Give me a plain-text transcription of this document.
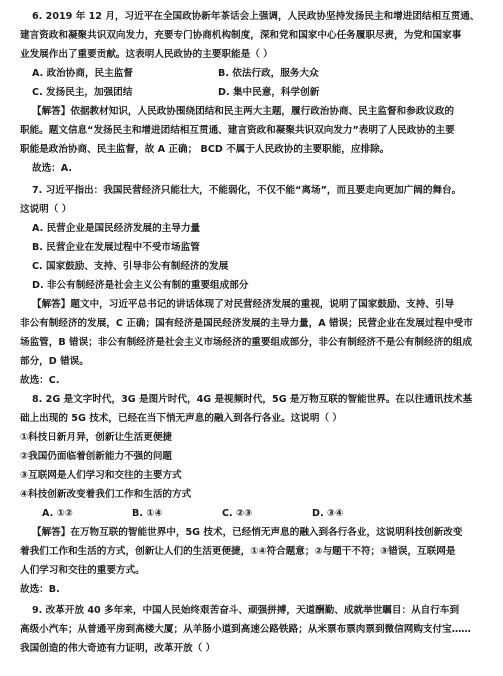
6. 2019 年 12 月，习近平在全国政协新年茶话会上强调，人民政协坚持发扬民主和增进团结相互贯通、
建言资政和凝聚共识双向发力，充要专门协商机构制度，深和党和国家中心任务履职尽责，为党和国家事
业发展作出了重要贡献。这表明人民政协的主要职能是（ ）
A. 政治协商，民主监督	B. 依法行政，服务大众
C. 发扬民主，加强团结	D. 集中民意，科学创新
【解答】依据教材知识，人民政协围绕团结和民主两大主题，履行政治协商、民主监督和参政议政的
职能。题文信息“发扬民主和增进团结相互贯通、建言资政和凝聚共识双向发力”表明了人民政协的主要
职能是政治协商、民主监督，故 A 正确； BCD 不属于人民政协的主要职能，应排除。
故选：A.
7. 习近平指出：我国民营经济只能壮大，不能弱化，不仅不能“离场”，而且要走向更加广阔的舞台。
这说明（ ）
A. 民营企业是国民经济发展的主导力量
B. 民营企业在发展过程中不受市场监管
C. 国家鼓励、支持、引导非公有制经济的发展
D. 非公有制经济是社会主义公有制的重要组成部分
【解答】题文中，习近平总书记的讲话体现了对民营经济发展的重视，说明了国家鼓励、支持、引导
非公有制经济的发展，C 正确；国有经济是国民经济发展的主导力量，A 错误；民营企业在发展过程中受市
场监管，B 错误；非公有制经济是社会主义市场经济的重要组成部分，非公有制经济不是公有制经济的组成
部分，D 错误。
故选：C.
8. 2G 是文字时代，3G 是图片时代，4G 是视频时代，5G 是万物互联的智能世界。在以往通讯技术基
础上出现的 5G 技术，已经在当下悄无声息的融入到各行各业。这说明（ ）
①科技日新月异，创新让生活更便捷
②我国仍面临着创新能力不强的问题
③互联网是人们学习和交往的主要方式
④科技创新改变着我们工作和生活的方式
A. ①②	B. ①④	C. ②③	D. ③④
【解答】在万物互联的智能世界中，5G 技术，已经悄无声息的融入到各行各业，这说明科技创新改变
着我们工作和生活的方式，创新让人们的生活更便捷，①④符合题意；②与题干不符；③错误，互联网是
人们学习和交往的重要方式。
故选：B.
9. 改革开放 40 多年来，中国人民始终艰苦奋斗、顽强拼搏，天道酬勤、成就举世瞩目：从自行车到
高级小汽车；从普通平房到高楼大厦；从羊肠小道到高速公路铁路；从米票布票肉票到微信网购支付宝……
我国创造的伟大奇迹有力证明，改革开放（ ）
